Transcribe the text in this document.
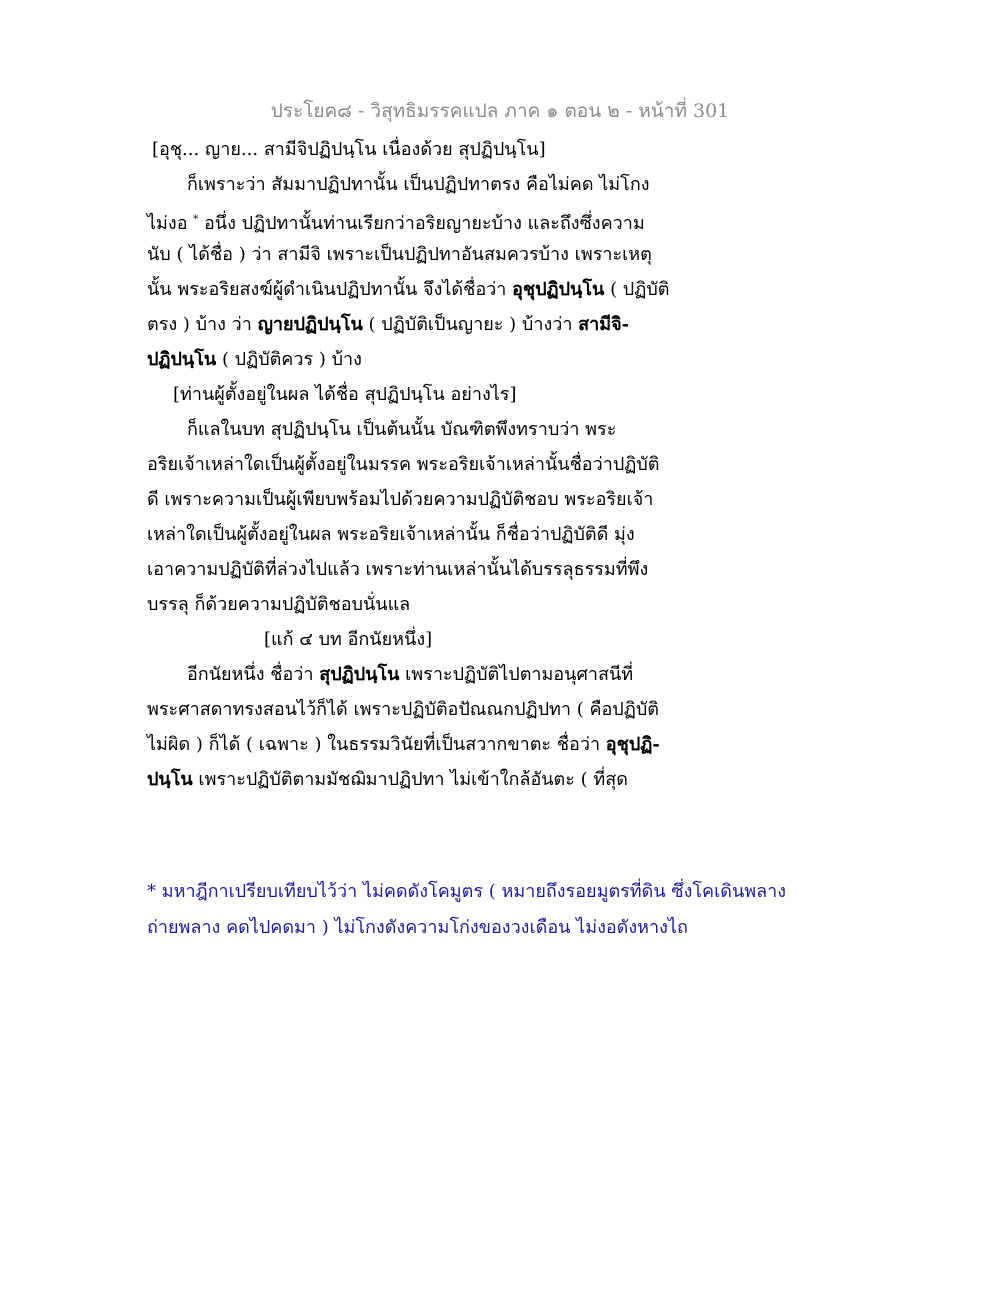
ประโยค๘ - วิสุทธิมรรคแปล ภาค ๑ ตอน ๒ - หน้าที่ 301
[อุชุ... ญาย... สามีจิปฏิปนฺโน เนื่องด้วย สุปฏิปนฺโน]
ก็เพราะว่า สัมมาปฏิปทานั้น เป็นปฏิปทาตรง คือไม่คด ไม่โกง
ไม่งอ * อนึ่ง ปฏิปทานั้นท่านเรียกว่าอริยญายะบ้าง และถึงซึ่งความ
นับ ( ได้ชื่อ ) ว่า สามีจิ เพราะเป็นปฏิปทาอันสมควรบ้าง เพราะเหตุ
นั้น พระอริยสงฆ์ผู้ดำเนินปฏิปทานั้น จึงได้ชื่อว่า อุชุปฏิปนฺโน ( ปฏิบัติ
ตรง ) บ้าง ว่า ญายปฏิปนฺโน ( ปฏิบัติเป็นญายะ ) บ้างว่า สามีจิ-
ปฏิปนฺโน ( ปฏิบัติควร ) บ้าง
[ท่านผู้ตั้งอยู่ในผล ได้ชื่อ สุปฏิปนฺโน อย่างไร]
ก็แลในบท สุปฏิปนฺโน เป็นต้นนั้น บัณฑิตพึงทราบว่า พระ
อริยเจ้าเหล่าใดเป็นผู้ตั้งอยู่ในมรรค พระอริยเจ้าเหล่านั้นชื่อว่าปฏิบัติ
ดี เพราะความเป็นผู้เพียบพร้อมไปด้วยความปฏิบัติชอบ พระอริยเจ้า
เหล่าใดเป็นผู้ตั้งอยู่ในผล พระอริยเจ้าเหล่านั้น ก็ชื่อว่าปฏิบัติดี มุ่ง
เอาความปฏิบัติที่ล่วงไปแล้ว เพราะท่านเหล่านั้นได้บรรลุธรรมที่พึง
บรรลุ ก็ด้วยความปฏิบัติชอบนั่นแล
[แก้ ๔ บท อีกนัยหนึ่ง]
อีกนัยหนึ่ง ชื่อว่า สุปฏิปนฺโน เพราะปฏิบัติไปตามอนุศาสนีที่
พระศาสดาทรงสอนไว้ก็ได้ เพราะปฏิบัติอปัณณกปฏิปทา ( คือปฏิบัติ
ไม่ผิด ) ก็ได้ ( เฉพาะ ) ในธรรมวินัยที่เป็นสวากขาตะ ชื่อว่า อุชุปฏิ-
ปนฺโน เพราะปฏิบัติตามมัชฌิมาปฏิปทา ไม่เข้าใกล้อันตะ ( ที่สุด
* มหาฎีกาเปรียบเทียบไว้ว่า ไม่คดดังโคมูตร ( หมายถึงรอยมูตรที่ดิน ซึ่งโคเดินพลาง
ถ่ายพลาง คดไปคดมา ) ไม่โกงดังความโก่งของวงเดือน ไม่งอดังหางไถ
